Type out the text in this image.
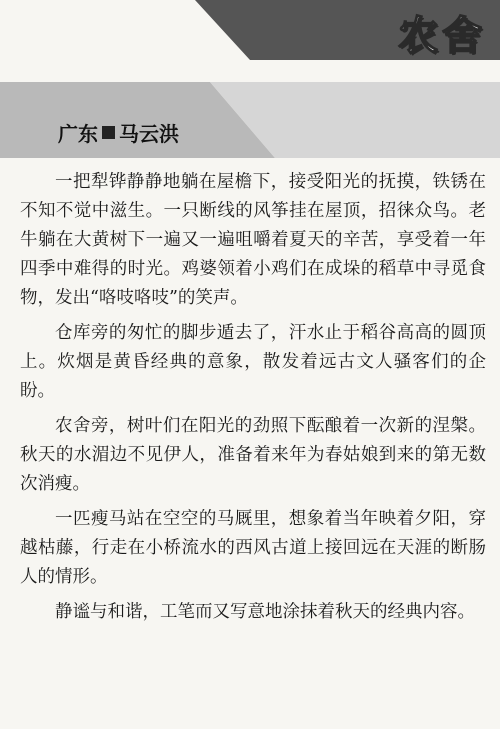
农舍
广东 马云洪

一把犁铧静静地躺在屋檐下，接受阳光的抚摸，铁锈在不知不觉中滋生。一只断线的风筝挂在屋顶，招徕众鸟。老牛躺在大黄树下一遍又一遍咀嚼着夏天的辛苦，享受着一年四季中难得的时光。鸡婆领着小鸡们在成垛的稻草中寻觅食物，发出“咯吱咯吱”的笑声。

仓库旁的匆忙的脚步遁去了，汗水止于稻谷高高的圆顶上。炊烟是黄昏经典的意象，散发着远古文人骚客们的企盼。

农舍旁，树叶们在阳光的劲照下酝酿着一次新的涅槃。秋天的水湄边不见伊人，准备着来年为春姑娘到来的第无数次消瘦。

一匹瘦马站在空空的马厩里，想象着当年映着夕阳，穿越枯藤，行走在小桥流水的西风古道上接回远在天涯的断肠人的情形。

静谧与和谐，工笔而又写意地涂抹着秋天的经典内容。
